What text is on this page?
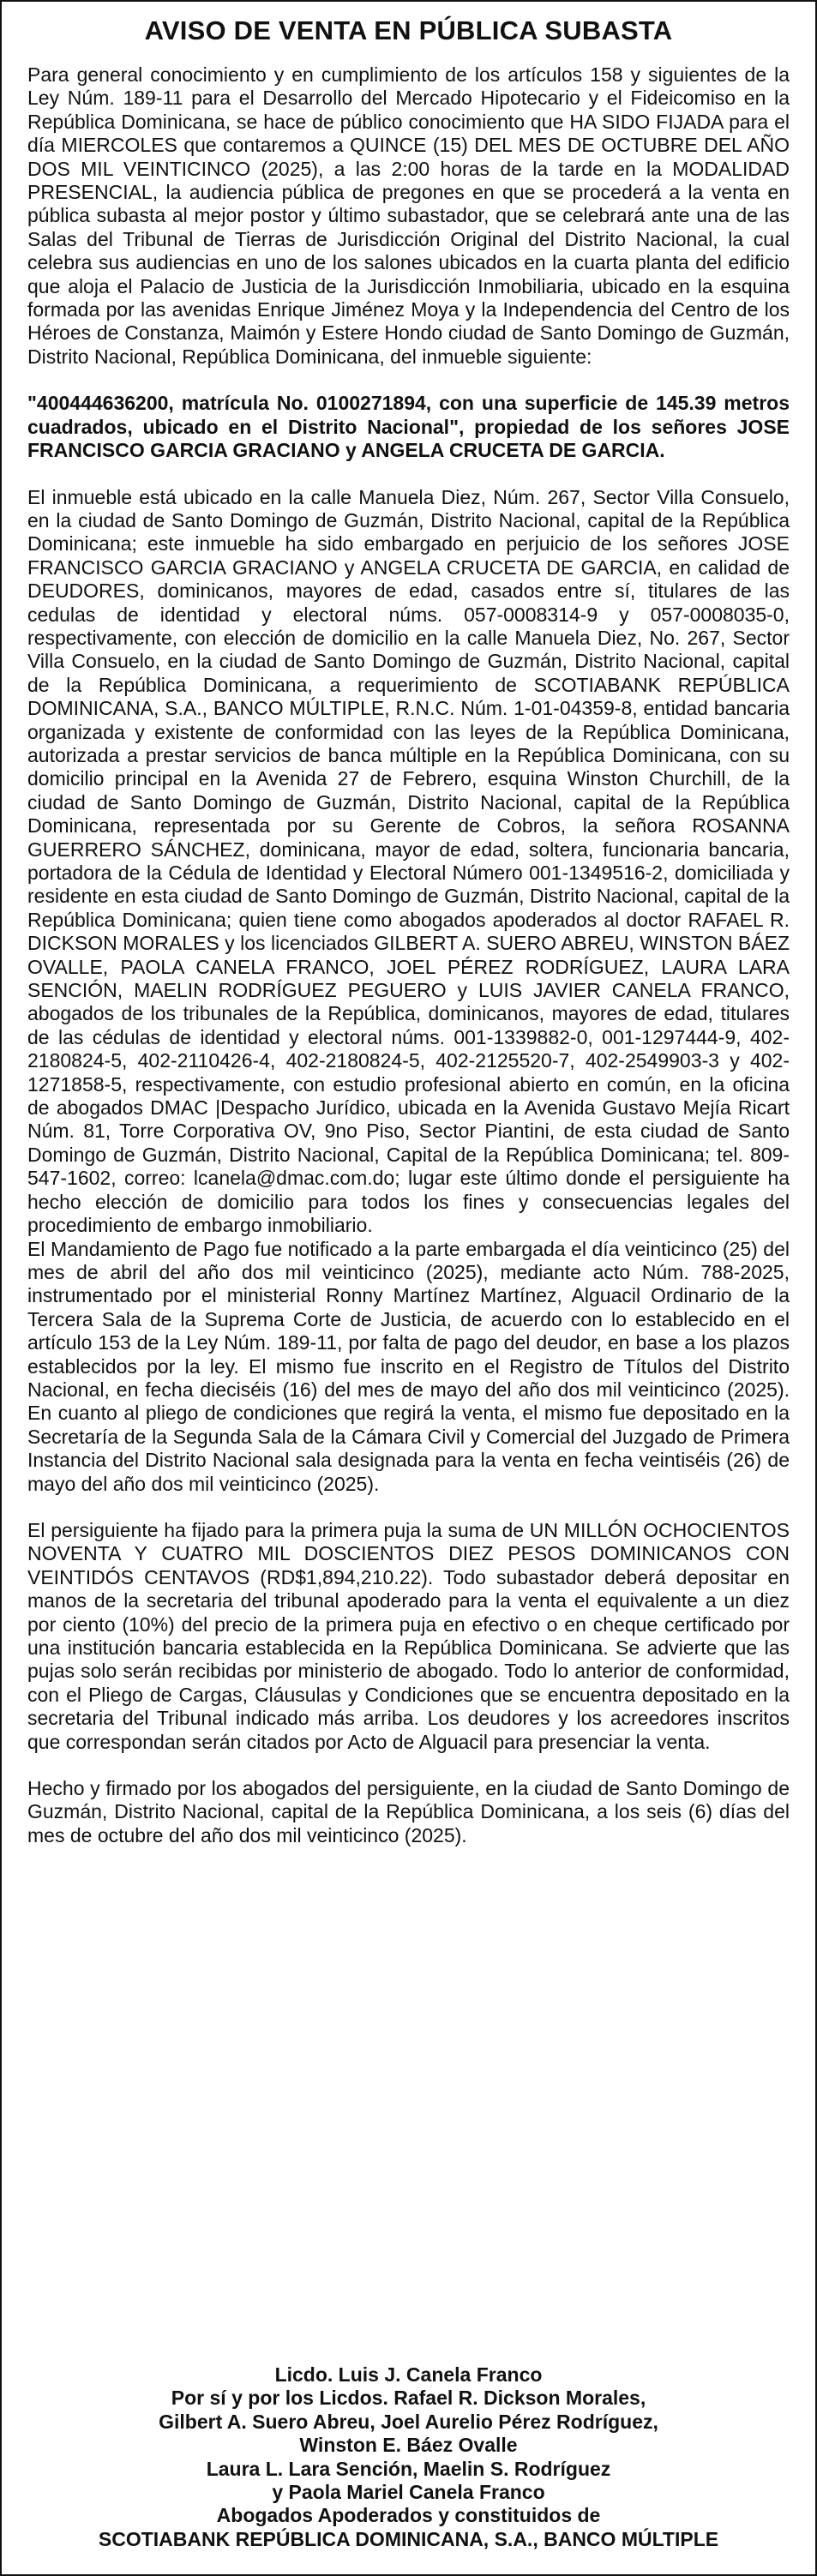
AVISO DE VENTA EN PÚBLICA SUBASTA

Para general conocimiento y en cumplimiento de los artículos 158 y siguientes de la Ley Núm. 189-11 para el Desarrollo del Mercado Hipotecario y el Fideicomiso en la República Dominicana, se hace de público conocimiento que HA SIDO FIJADA para el día MIERCOLES que contaremos a QUINCE (15) DEL MES DE OCTUBRE DEL AÑO DOS MIL VEINTICINCO (2025), a las 2:00 horas de la tarde en la MODALIDAD PRESENCIAL, la audiencia pública de pregones en que se procederá a la venta en pública subasta al mejor postor y último subastador, que se celebrará ante una de las Salas del Tribunal de Tierras de Jurisdicción Original del Distrito Nacional, la cual celebra sus audiencias en uno de los salones ubicados en la cuarta planta del edificio que aloja el Palacio de Justicia de la Jurisdicción Inmobiliaria, ubicado en la esquina formada por las avenidas Enrique Jiménez Moya y la Independencia del Centro de los Héroes de Constanza, Maimón y Estere Hondo ciudad de Santo Domingo de Guzmán, Distrito Nacional, República Dominicana, del inmueble siguiente:

"400444636200, matrícula No. 0100271894, con una superficie de 145.39 metros cuadrados, ubicado en el Distrito Nacional", propiedad de los señores JOSE FRANCISCO GARCIA GRACIANO y ANGELA CRUCETA DE GARCIA.

El inmueble está ubicado en la calle Manuela Diez, Núm. 267, Sector Villa Consuelo, en la ciudad de Santo Domingo de Guzmán, Distrito Nacional, capital de la República Dominicana; este inmueble ha sido embargado en perjuicio de los señores JOSE FRANCISCO GARCIA GRACIANO y ANGELA CRUCETA DE GARCIA, en calidad de DEUDORES, dominicanos, mayores de edad, casados entre sí, titulares de las cedulas de identidad y electoral núms. 057-0008314-9 y 057-0008035-0, respectivamente, con elección de domicilio en la calle Manuela Diez, No. 267, Sector Villa Consuelo, en la ciudad de Santo Domingo de Guzmán, Distrito Nacional, capital de la República Dominicana, a requerimiento de SCOTIABANK REPÚBLICA DOMINICANA, S.A., BANCO MÚLTIPLE, R.N.C. Núm. 1-01-04359-8, entidad bancaria organizada y existente de conformidad con las leyes de la República Dominicana, autorizada a prestar servicios de banca múltiple en la República Dominicana, con su domicilio principal en la Avenida 27 de Febrero, esquina Winston Churchill, de la ciudad de Santo Domingo de Guzmán, Distrito Nacional, capital de la República Dominicana, representada por su Gerente de Cobros, la señora ROSANNA GUERRERO SÁNCHEZ, dominicana, mayor de edad, soltera, funcionaria bancaria, portadora de la Cédula de Identidad y Electoral Número 001-1349516-2, domiciliada y residente en esta ciudad de Santo Domingo de Guzmán, Distrito Nacional, capital de la República Dominicana; quien tiene como abogados apoderados al doctor RAFAEL R. DICKSON MORALES y los licenciados GILBERT A. SUERO ABREU, WINSTON BÁEZ OVALLE, PAOLA CANELA FRANCO, JOEL PÉREZ RODRÍGUEZ, LAURA LARA SENCIÓN, MAELIN RODRÍGUEZ PEGUERO y LUIS JAVIER CANELA FRANCO, abogados de los tribunales de la República, dominicanos, mayores de edad, titulares de las cédulas de identidad y electoral núms. 001-1339882-0, 001-1297444-9, 402-2180824-5, 402-2110426-4, 402-2180824-5, 402-2125520-7, 402-2549903-3 y 402-1271858-5, respectivamente, con estudio profesional abierto en común, en la oficina de abogados DMAC |Despacho Jurídico, ubicada en la Avenida Gustavo Mejía Ricart Núm. 81, Torre Corporativa OV, 9no Piso, Sector Piantini, de esta ciudad de Santo Domingo de Guzmán, Distrito Nacional, Capital de la República Dominicana; tel. 809-547-1602, correo: lcanela@dmac.com.do; lugar este último donde el persiguiente ha hecho elección de domicilio para todos los fines y consecuencias legales del procedimiento de embargo inmobiliario.

El Mandamiento de Pago fue notificado a la parte embargada el día veinticinco (25) del mes de abril del año dos mil veinticinco (2025), mediante acto Núm. 788-2025, instrumentado por el ministerial Ronny Martínez Martínez, Alguacil Ordinario de la Tercera Sala de la Suprema Corte de Justicia, de acuerdo con lo establecido en el artículo 153 de la Ley Núm. 189-11, por falta de pago del deudor, en base a los plazos establecidos por la ley. El mismo fue inscrito en el Registro de Títulos del Distrito Nacional, en fecha dieciséis (16) del mes de mayo del año dos mil veinticinco (2025). En cuanto al pliego de condiciones que regirá la venta, el mismo fue depositado en la Secretaría de la Segunda Sala de la Cámara Civil y Comercial del Juzgado de Primera Instancia del Distrito Nacional sala designada para la venta en fecha veintiséis (26) de mayo del año dos mil veinticinco (2025).

El persiguiente ha fijado para la primera puja la suma de UN MILLÓN OCHOCIENTOS NOVENTA Y CUATRO MIL DOSCIENTOS DIEZ PESOS DOMINICANOS CON VEINTIDÓS CENTAVOS (RD$1,894,210.22). Todo subastador deberá depositar en manos de la secretaria del tribunal apoderado para la venta el equivalente a un diez por ciento (10%) del precio de la primera puja en efectivo o en cheque certificado por una institución bancaria establecida en la República Dominicana. Se advierte que las pujas solo serán recibidas por ministerio de abogado. Todo lo anterior de conformidad, con el Pliego de Cargas, Cláusulas y Condiciones que se encuentra depositado en la secretaria del Tribunal indicado más arriba. Los deudores y los acreedores inscritos que correspondan serán citados por Acto de Alguacil para presenciar la venta.

Hecho y firmado por los abogados del persiguiente, en la ciudad de Santo Domingo de Guzmán, Distrito Nacional, capital de la República Dominicana, a los seis (6) días del mes de octubre del año dos mil veinticinco (2025).

Licdo. Luis J. Canela Franco
Por sí y por los Licdos. Rafael R. Dickson Morales,
Gilbert A. Suero Abreu, Joel Aurelio Pérez Rodríguez,
Winston E. Báez Ovalle
Laura L. Lara Sención, Maelin S. Rodríguez
y Paola Mariel Canela Franco
Abogados Apoderados y constituidos de
SCOTIABANK REPÚBLICA DOMINICANA, S.A., BANCO MÚLTIPLE
